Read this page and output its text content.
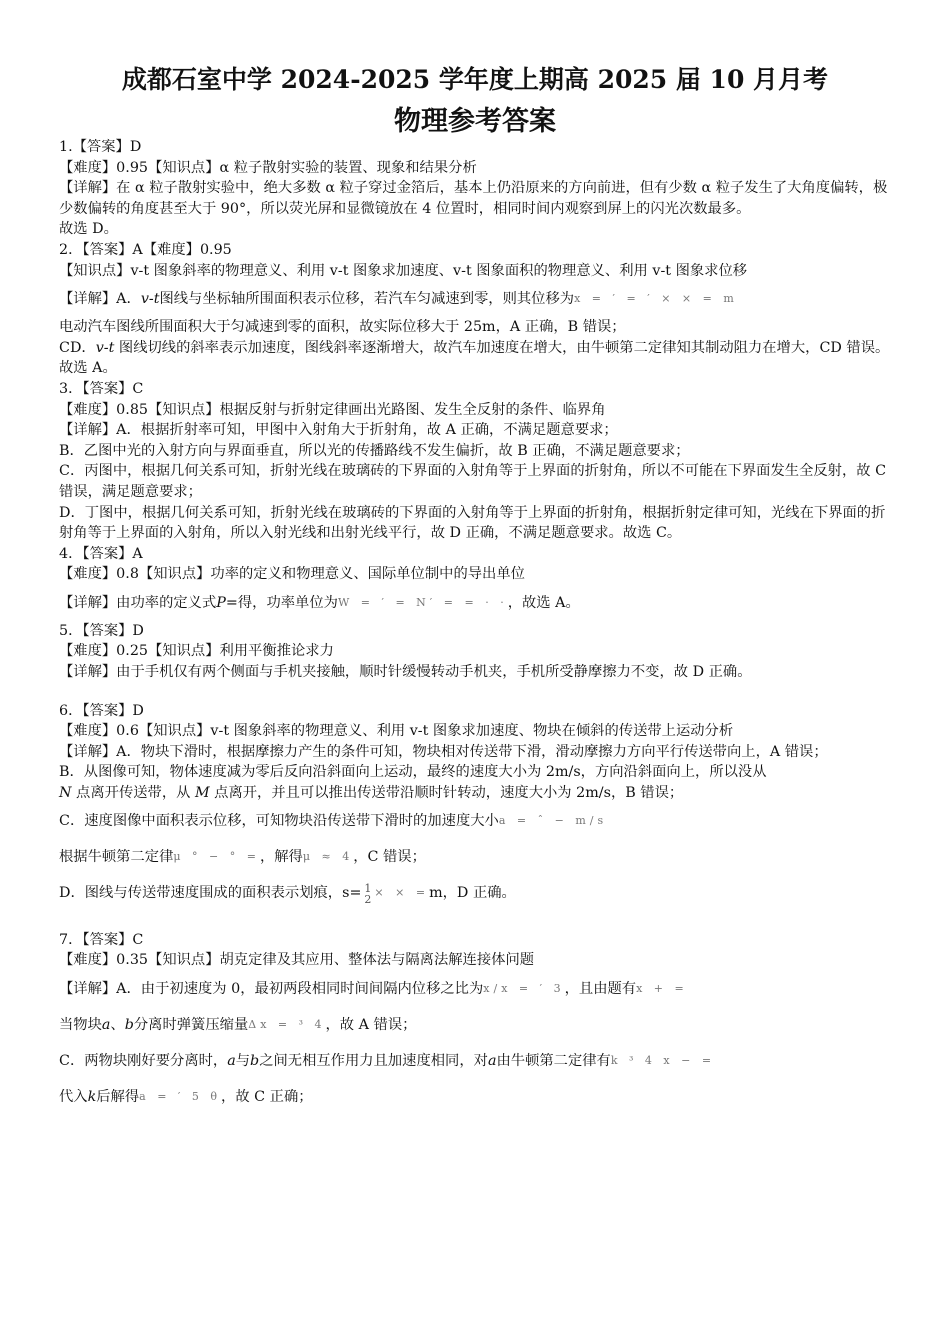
成都石室中学 2024-2025 学年度上期高 2025 届 10 月月考
物理参考答案
1.【答案】D
【难度】0.95【知识点】α 粒子散射实验的装置、现象和结果分析
【详解】在 α 粒子散射实验中，绝大多数 α 粒子穿过金箔后，基本上仍沿原来的方向前进，但有少数 α 粒子发生了大角度偏转，极少数偏转的角度甚至大于 90°，所以荧光屏和显微镜放在 4 位置时，相同时间内观察到屏上的闪光次数最多。
故选 D。
2．【答案】A【难度】0.95
【知识点】v-t 图象斜率的物理意义、利用 v-t 图象求加速度、v-t 图象面积的物理意义、利用 v-t 图象求位移
【详解】A． v-t 图线与坐标轴所围面积表示位移，若汽车匀减速到零，则其位移为 x = ′ = ′ × × = m
电动汽车图线所围面积大于匀减速到零的面积，故实际位移大于 25m，A 正确，B 错误；
CD．v-t 图线切线的斜率表示加速度，图线斜率逐渐增大，故汽车加速度在增大，由牛顿第二定律知其制动阻力在增大，CD 错误。故选 A。
3．【答案】C
【难度】0.85【知识点】根据反射与折射定律画出光路图、发生全反射的条件、临界角
【详解】A．根据折射率可知，甲图中入射角大于折射角，故 A 正确，不满足题意要求；
B．乙图中光的入射方向与界面垂直，所以光的传播路线不发生偏折，故 B 正确，不满足题意要求；
C．丙图中，根据几何关系可知，折射光线在玻璃砖的下界面的入射角等于上界面的折射角，所以不可能在下界面发生全反射，故 C 错误，满足题意要求；
D．丁图中，根据几何关系可知，折射光线在玻璃砖的下界面的入射角等于上界面的折射角，根据折射定律可知，光线在下界面的折射角等于上界面的入射角，所以入射光线和出射光线平行，故 D 正确，不满足题意要求。故选 C。
4．【答案】A
【难度】0.8【知识点】功率的定义和物理意义、国际单位制中的导出单位
【详解】由功率的定义式 P =得，功率单位为 W = ′ = N′ = = · · ，故选 A。
5．【答案】D
【难度】0.25【知识点】利用平衡推论求力
【详解】由于手机仅有两个侧面与手机夹接触，顺时针缓慢转动手机夹，手机所受静摩擦力不变，故 D 正确。
6．【答案】D
【难度】0.6【知识点】v-t 图象斜率的物理意义、利用 v-t 图象求加速度、物块在倾斜的传送带上运动分析
【详解】A．物块下滑时，根据摩擦力产生的条件可知，物块相对传送带下滑，滑动摩擦力方向平行传送带向上，A 错误；
B．从图像可知，物体速度减为零后反向沿斜面向上运动，最终的速度大小为 2m/s，方向沿斜面向上，所以没从
N 点离开传送带，从 M 点离开，并且可以推出传送带沿顺时针转动，速度大小为 2m/s，B 错误；
C．速度图像中面积表示位移，可知物块沿传送带下滑时的加速度大小 a = ˆ − m/s
根据牛顿第二定律 μ ° − ° = ，解得 μ ≈ 4 ，C 错误；
D．图线与传送带速度围成的面积表示划痕，s= 1
2 × × = m，D 正确。
7．【答案】C
【难度】0.35【知识点】胡克定律及其应用、整体法与隔离法解连接体问题
【详解】A．由于初速度为 0，最初两段相同时间间隔内位移之比为 x/x = ′ 3 ，且由题有 x + =
当物块 a 、 b 分离时弹簧压缩量 Δx = ³ 4 ，故 A 错误；
C．两物块刚好要分离时， a 与 b 之间无相互作用力且加速度相同，对 a 由牛顿第二定律有 k ³ 4 x − =
代入 k 后解得 a = ′ 5 θ ，故 C 正确；
